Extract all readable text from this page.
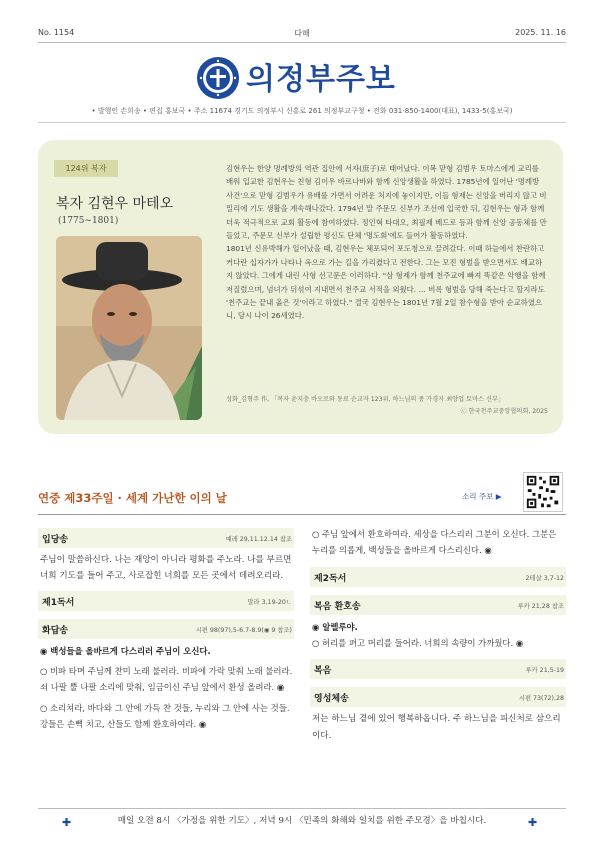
No. 1154	다해	2025. 11. 16
의정부주보
• 발행인 손희송 • 편집 홍보국 • 주소 11674 경기도 의정부시 신흥로 261 의정부교구청 • 전화 031-850-1400(대표), 1433-5(홍보국)
124위 복자
복자 김현우 마테오
(1775~1801)

김현우는 한양 명례방의 역관 집안에 서자(庶子)로 태어났다. 이복 맏형 김범우 토마스에게 교리를 배워 입교한 김현우는 친형 김이우 바르나바와 함께 신앙생활을 하였다. 1785년에 일어난 '명례방 사건'으로 맏형 김범우가 유배를 가면서 어려운 처지에 놓이지만, 이들 형제는 신앙을 버리지 않고 비밀리에 기도 생활을 계속해나갔다. 1794년 말 주문모 신부가 조선에 입국한 뒤, 김현우는 형과 함께 더욱 적극적으로 교회 활동에 참여하였다. 정인혁 타대오, 최필제 베드로 등과 함께 신앙 공동체를 만들었고, 주문모 신부가 설립한 평신도 단체 '명도회'에도 들어가 활동하였다.

1801년 신유박해가 일어났을 때, 김현우는 체포되어 포도청으로 끌려갔다. 이때 하늘에서 찬란하고 커다란 십자가가 나타나 옥으로 가는 길을 가리켰다고 전한다. 그는 모진 형벌을 받으면서도 배교하지 않았다. 그에게 내린 사형 선고문은 이러하다. "삼 형제가 함께 천주교에 빠져 똑같은 악행을 함께 저질렀으며, 넘녀가 뒤섞여 지내면서 천주교 서적을 외웠다. … 비록 형벌을 당해 죽는다고 할지라도 '천주교는 끝내 옳은 것'이라고 하였다." 결국 김현우는 1801년 7월 2일 참수형을 받아 순교하였으니, 당시 나이 26세였다.

성화_김형주 作, 「복자 윤지충 바오로와 동료 순교자 123위, 하느님의 종 가경자 최양업 토마스 신부」
ⓒ 한국천주교중앙협의회, 2025
연중 제33주일 · 세계 가난한 이의 날	소리 주보 ▶
입당송	예레 29,11.12.14 참조
주님이 말씀하신다. 나는 재앙이 아니라 평화를 주노라. 나를 부르면 너희 기도를 들어 주고, 사로잡힌 너희를 모든 곳에서 데려오리라.
제1독서	말라 3,19-20ㄴ
화답송	시편 98(97),5-6.7-8.9(◉ 9 참조)
◉ 백성들을 올바르게 다스리러 주님이 오신다.
○ 비파 타며 주님께 찬미 노래 불러라. 비파에 가락 맞춰 노래 불러라. 쇠 나팔 뿔 나팔 소리에 맞춰, 임금이신 주님 앞에서 환성 올려라. ◉
○ 소리쳐라, 바다와 그 안에 가득 찬 것들, 누리와 그 안에 사는 것들. 강들은 손뼉 치고, 산들도 함께 환호하여라. ◉
○ 주님 앞에서 환호하여라. 세상을 다스리러 그분이 오신다. 그분은 누리를 의롭게, 백성들을 올바르게 다스리신다. ◉
제2독서	2테살 3,7-12
복음 환호송	루카 21,28 참조
◉ 알렐루야.
○ 허리를 펴고 머리를 들어라. 너희의 속량이 가까웠다. ◉
복음	루카 21,5-19
영성체송	시편 73(72),28
저는 하느님 곁에 있어 행복하옵니다. 주 하느님을 피신처로 삼으리이다.
✚	매일 오전 8시 〈가정을 위한 기도〉, 저녁 9시 〈민족의 화해와 일치를 위한 주모경〉을 바칩시다.	✚
